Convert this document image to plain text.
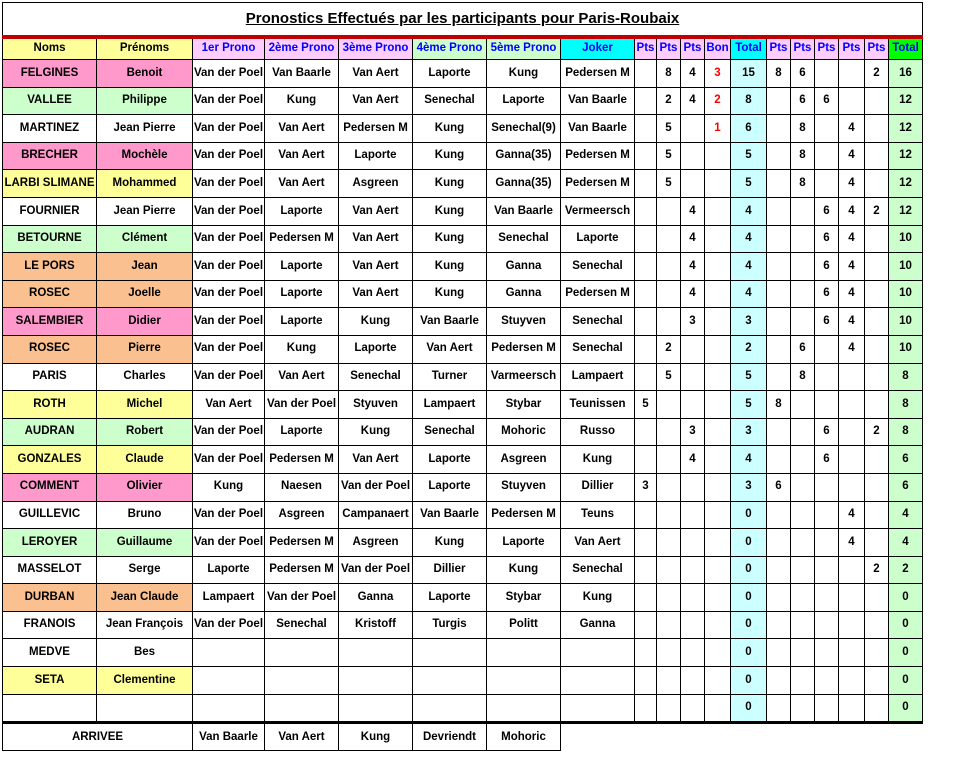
Pronostics Effectués par les participants pour Paris-Roubaix																		
Noms	Prénoms	1er Prono	2ème Prono	3ème Prono	4ème Prono	5ème Prono	Joker	Pts	Pts	Pts	Bon	Total	Pts	Pts	Pts	Pts	Pts	Total
FELGINES	Benoit	Van der Poel	Van Baarle	Van Aert	Laporte	Kung	Pedersen M		8	4	3	15	8	6			2	16
VALLEE	Philippe	Van der Poel	Kung	Van Aert	Senechal	Laporte	Van Baarle		2	4	2	8		6	6			12
MARTINEZ	Jean Pierre	Van der Poel	Van Aert	Pedersen M	Kung	Senechal(9)	Van Baarle		5		1	6		8		4		12
BRECHER	Mochèle	Van der Poel	Van Aert	Laporte	Kung	Ganna(35)	Pedersen M		5			5		8		4		12
LARBI SLIMANE	Mohammed	Van der Poel	Van Aert	Asgreen	Kung	Ganna(35)	Pedersen M		5			5		8		4		12
FOURNIER	Jean Pierre	Van der Poel	Laporte	Van Aert	Kung	Van Baarle	Vermeersch			4		4			6	4	2	12
BETOURNE	Clément	Van der Poel	Pedersen M	Van Aert	Kung	Senechal	Laporte			4		4			6	4		10
LE PORS	Jean	Van der Poel	Laporte	Van Aert	Kung	Ganna	Senechal			4		4			6	4		10
ROSEC	Joelle	Van der Poel	Laporte	Van Aert	Kung	Ganna	Pedersen M			4		4			6	4		10
SALEMBIER	Didier	Van der Poel	Laporte	Kung	Van Baarle	Stuyven	Senechal			3		3			6	4		10
ROSEC	Pierre	Van der Poel	Kung	Laporte	Van Aert	Pedersen M	Senechal		2			2		6		4		10
PARIS	Charles	Van der Poel	Van Aert	Senechal	Turner	Varmeersch	Lampaert		5			5		8				8
ROTH	Michel	Van Aert	Van der Poel	Styuven	Lampaert	Stybar	Teunissen	5				5	8					8
AUDRAN	Robert	Van der Poel	Laporte	Kung	Senechal	Mohoric	Russo			3		3			6		2	8
GONZALES	Claude	Van der Poel	Pedersen M	Van Aert	Laporte	Asgreen	Kung			4		4			6			6
COMMENT	Olivier	Kung	Naesen	Van der Poel	Laporte	Stuyven	Dillier	3				3	6					6
GUILLEVIC	Bruno	Van der Poel	Asgreen	Campanaert	Van Baarle	Pedersen M	Teuns					0				4		4
LEROYER	Guillaume	Van der Poel	Pedersen M	Asgreen	Kung	Laporte	Van Aert					0				4		4
MASSELOT	Serge	Laporte	Pedersen M	Van der Poel	Dillier	Kung	Senechal					0					2	2
DURBAN	Jean Claude	Lampaert	Van der Poel	Ganna	Laporte	Stybar	Kung					0						0
FRANOIS	Jean François	Van der Poel	Senechal	Kristoff	Turgis	Politt	Ganna					0						0
MEDVE	Bes											0						0
SETA	Clementine											0						0
												0						0
ARRIVEE		Van Baarle	Van Aert	Kung	Devriendt	Mohoric												
